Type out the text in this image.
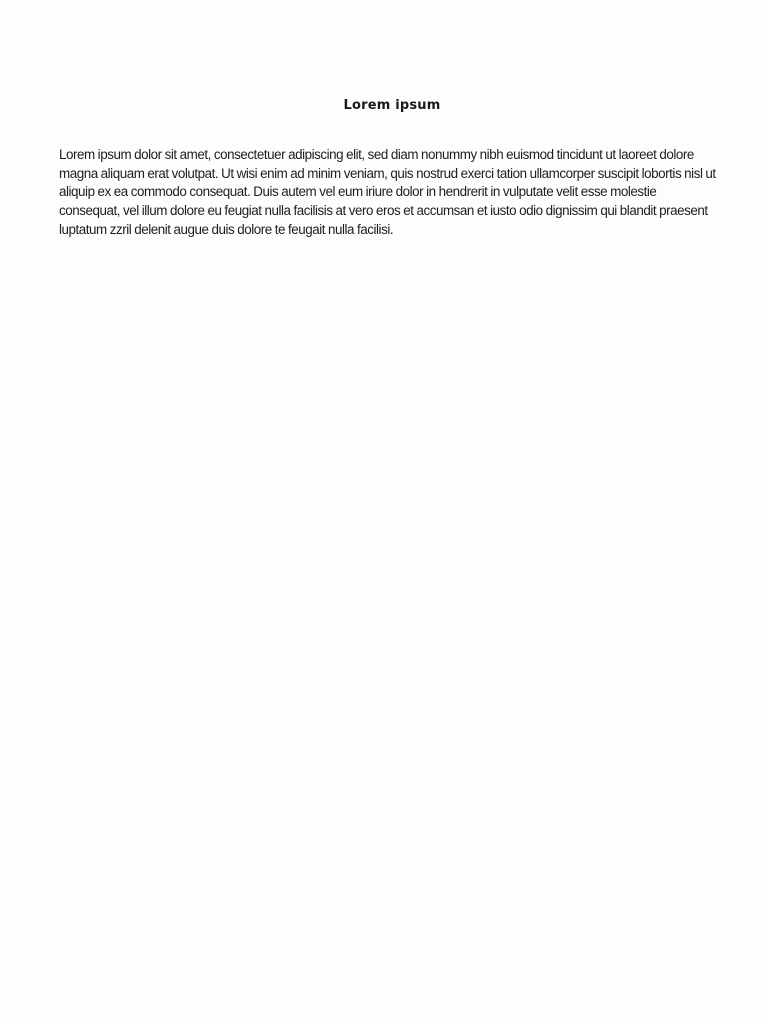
Lorem ipsum

Lorem ipsum dolor sit amet, consectetuer adipiscing elit, sed diam nonummy nibh euismod tincidunt ut laoreet dolore magna aliquam erat volutpat. Ut wisi enim ad minim veniam, quis nostrud exerci tation ullamcorper suscipit lobortis nisl ut aliquip ex ea commodo consequat. Duis autem vel eum iriure dolor in hendrerit in vulputate velit esse molestie consequat, vel illum dolore eu feugiat nulla facilisis at vero eros et accumsan et iusto odio dignissim qui blandit praesent luptatum zzril delenit augue duis dolore te feugait nulla facilisi.
